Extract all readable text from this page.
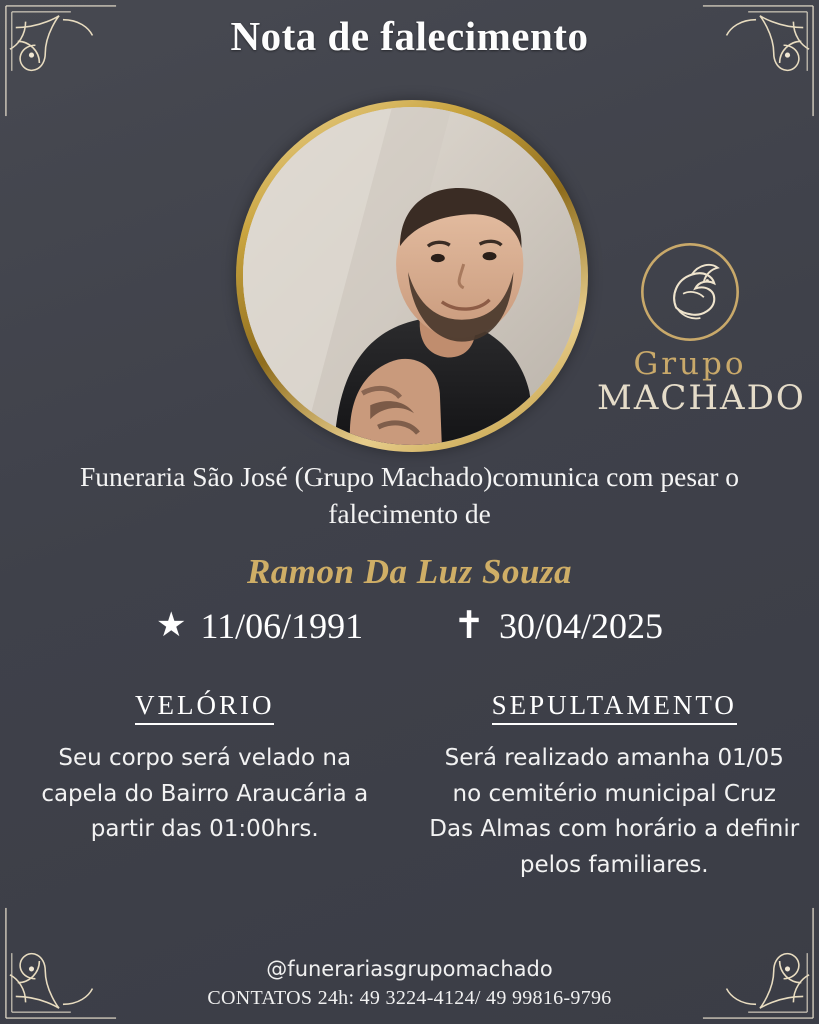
Nota de falecimento
Grupo
MACHADO
Funeraria São José (Grupo Machado)comunica com pesar o falecimento de
Ramon Da Luz Souza
★ 11/06/1991 ✝ 30/04/2025
VELÓRIO
Seu corpo será velado na capela do Bairro Araucária a partir das 01:00hrs.
SEPULTAMENTO
Será realizado amanha 01/05 no cemitério municipal Cruz Das Almas com horário a definir pelos familiares.
@funerariasgrupomachado
CONTATOS 24h: 49 3224-4124/ 49 99816-9796
